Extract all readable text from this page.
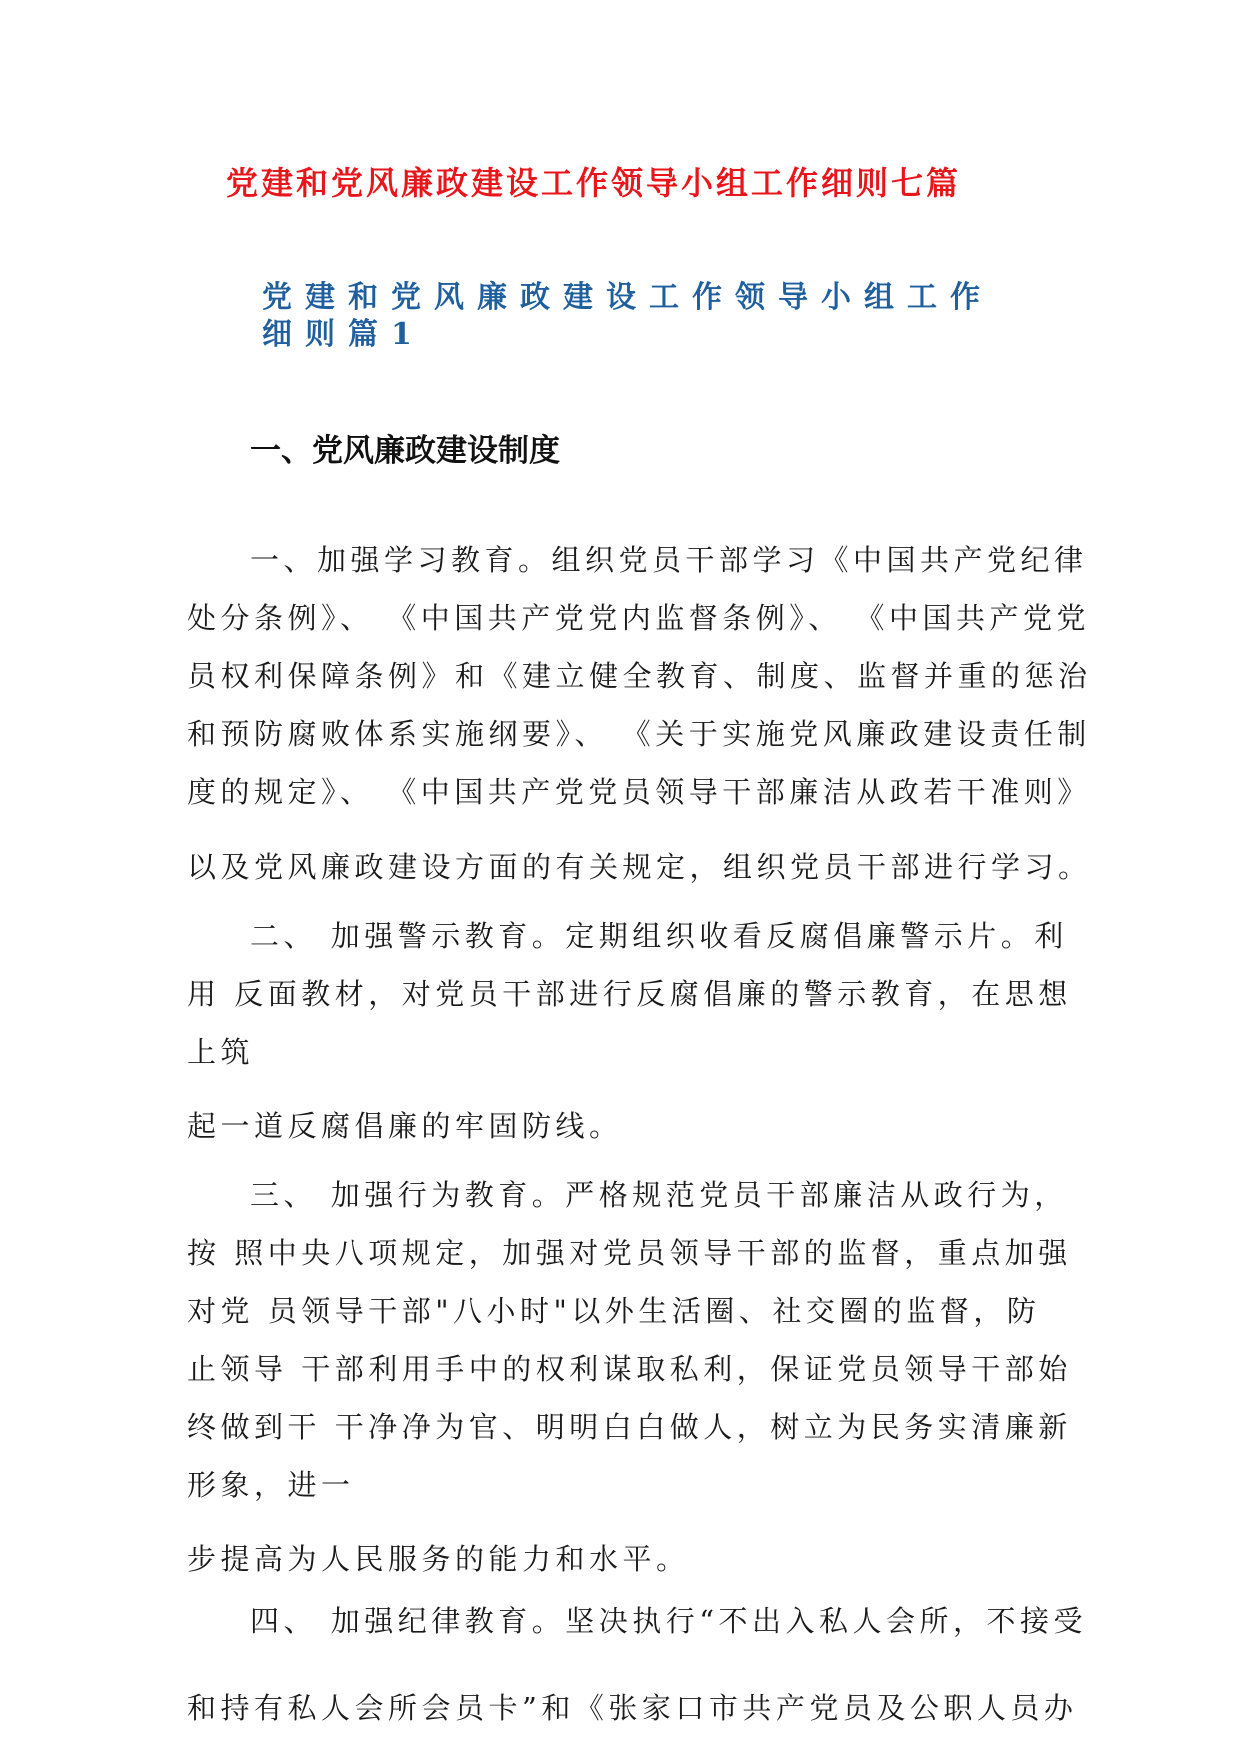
党建和党风廉政建设工作领导小组工作细则七篇
党建和党风廉政建设工作领导小组工作
细则篇1
一、党风廉政建设制度

一、加强学习教育。组织党员干部学习《中国共产党纪律

处分条例》、 《中国共产党党内监督条例》、 《中国共产党党

员权利保障条例》和《建立健全教育、制度、监督并重的惩治

和预防腐败体系实施纲要》、 《关于实施党风廉政建设责任制

度的规定》、 《中国共产党党员领导干部廉洁从政若干准则》

以及党风廉政建设方面的有关规定，组织党员干部进行学习。

二、 加强警示教育。定期组织收看反腐倡廉警示片。利

用 反面教材，对党员干部进行反腐倡廉的警示教育，在思想

上筑

起一道反腐倡廉的牢固防线。

三、 加强行为教育。严格规范党员干部廉洁从政行为，

按 照中央八项规定，加强对党员领导干部的监督，重点加强

对党 员领导干部"八小时"以外生活圈、社交圈的监督，防

止领导 干部利用手中的权利谋取私利，保证党员领导干部始

终做到干 干净净为官、明明白白做人，树立为民务实清廉新

形象，进一

步提高为人民服务的能力和水平。

四、 加强纪律教育。坚决执行“不出入私人会所，不接受

和持有私人会所会员卡”和《张家口市共产党员及公职人员办
